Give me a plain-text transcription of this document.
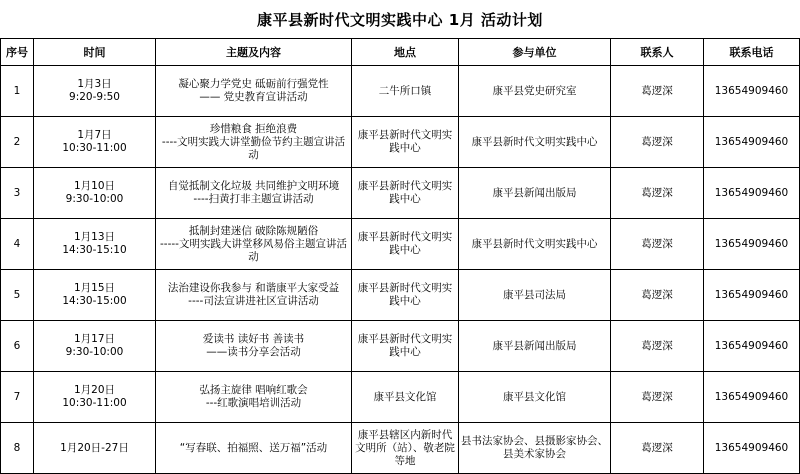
康平县新时代文明实践中心 1月 活动计划
序号	时间	主题及内容	地点	参与单位	联系人	联系电话
1	1月3日
9:20-9:50	凝心聚力学党史 砥砺前行强党性
—— 党史教育宣讲活动	二牛所口镇	康平县党史研究室	葛逻深	13654909460
2	1月7日
10:30-11:00	珍惜粮食 拒绝浪费
----文明实践大讲堂勤俭节约主题宣讲活动	康平县新时代文明实践中心	康平县新时代文明实践中心	葛逻深	13654909460
3	1月10日
9:30-10:00	自觉抵制文化垃圾 共同维护文明环境
----扫黄打非主题宣讲活动	康平县新时代文明实践中心	康平县新闻出版局	葛逻深	13654909460
4	1月13日
14:30-15:10	抵制封建迷信 破除陈规陋俗
-----文明实践大讲堂移风易俗主题宣讲活动	康平县新时代文明实践中心	康平县新时代文明实践中心	葛逻深	13654909460
5	1月15日
14:30-15:00	法治建设你我参与 和谐康平大家受益
----司法宣讲进社区宣讲活动	康平县新时代文明实践中心	康平县司法局	葛逻深	13654909460
6	1月17日
9:30-10:00	爱读书 读好书 善读书
——读书分享会活动	康平县新时代文明实践中心	康平县新闻出版局	葛逻深	13654909460
7	1月20日
10:30-11:00	弘扬主旋律 唱响红歌会
---红歌演唱培训活动	康平县文化馆	康平县文化馆	葛逻深	13654909460
8	1月20日-27日	“写春联、拍福照、送万福”活动	康平县辖区内新时代文明所（站）、敬老院等地	县书法家协会、县摄影家协会、县美术家协会	葛逻深	13654909460
